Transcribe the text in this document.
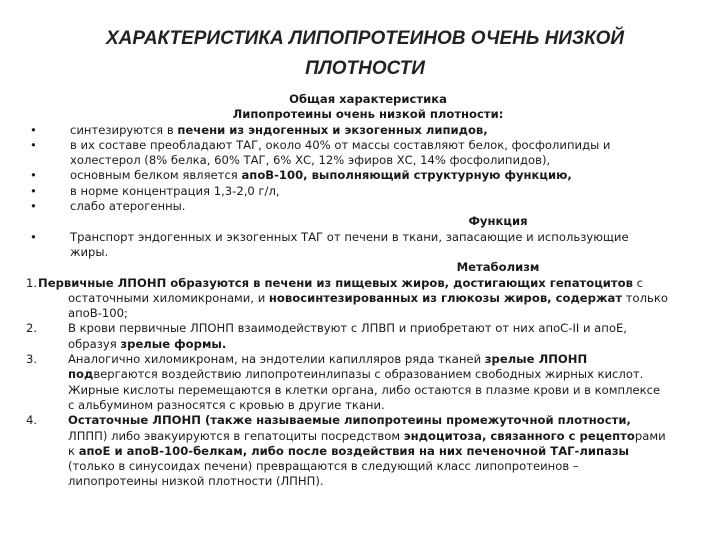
ХАРАКТЕРИСТИКА ЛИПОПРОТЕИНОВ ОЧЕНЬ НИЗКОЙ ПЛОТНОСТИ
Общая характеристика
Липопротеины очень низкой плотности:
•	синтезируются в печени из эндогенных и экзогенных липидов,
•	в их составе преобладают ТАГ, около 40% от массы составляют белок, фосфолипиды и холестерол (8% белка, 60% ТАГ, 6% ХС, 12% эфиров ХС, 14% фосфолипидов),
•	основным белком является апоВ-100, выполняющий структурную функцию,
•	в норме концентрация 1,3-2,0 г/л,
•	слабо атерогенны.
Функция
•	Транспорт эндогенных и экзогенных ТАГ от печени в ткани, запасающие и использующие жиры.
Метаболизм
1. Первичные ЛПОНП образуются в печени из пищевых жиров, достигающих гепатоцитов с остаточными хиломикронами, и новосинтезированных из глюкозы жиров, содержат только апоВ-100;
2.	В крови первичные ЛПОНП взаимодействуют с ЛПВП и приобретают от них апоС-II и апоЕ, образуя зрелые формы.
3.	Аналогично хиломикронам, на эндотелии капилляров ряда тканей зрелые ЛПОНП подвергаются воздействию липопротеинлипазы с образованием свободных жирных кислот. Жирные кислоты перемещаются в клетки органа, либо остаются в плазме крови и в комплексе с альбумином разносятся с кровью в другие ткани.
4.	Остаточные ЛПОНП (также называемые липопротеины промежуточной плотности, ЛППП) либо эвакуируются в гепатоциты посредством эндоцитоза, связанного с рецепторами к апоЕ и апоВ-100-белкам, либо после воздействия на них печеночной ТАГ-липазы (только в синусоидах печени) превращаются в следующий класс липопротеинов – липопротеины низкой плотности (ЛПНП).
